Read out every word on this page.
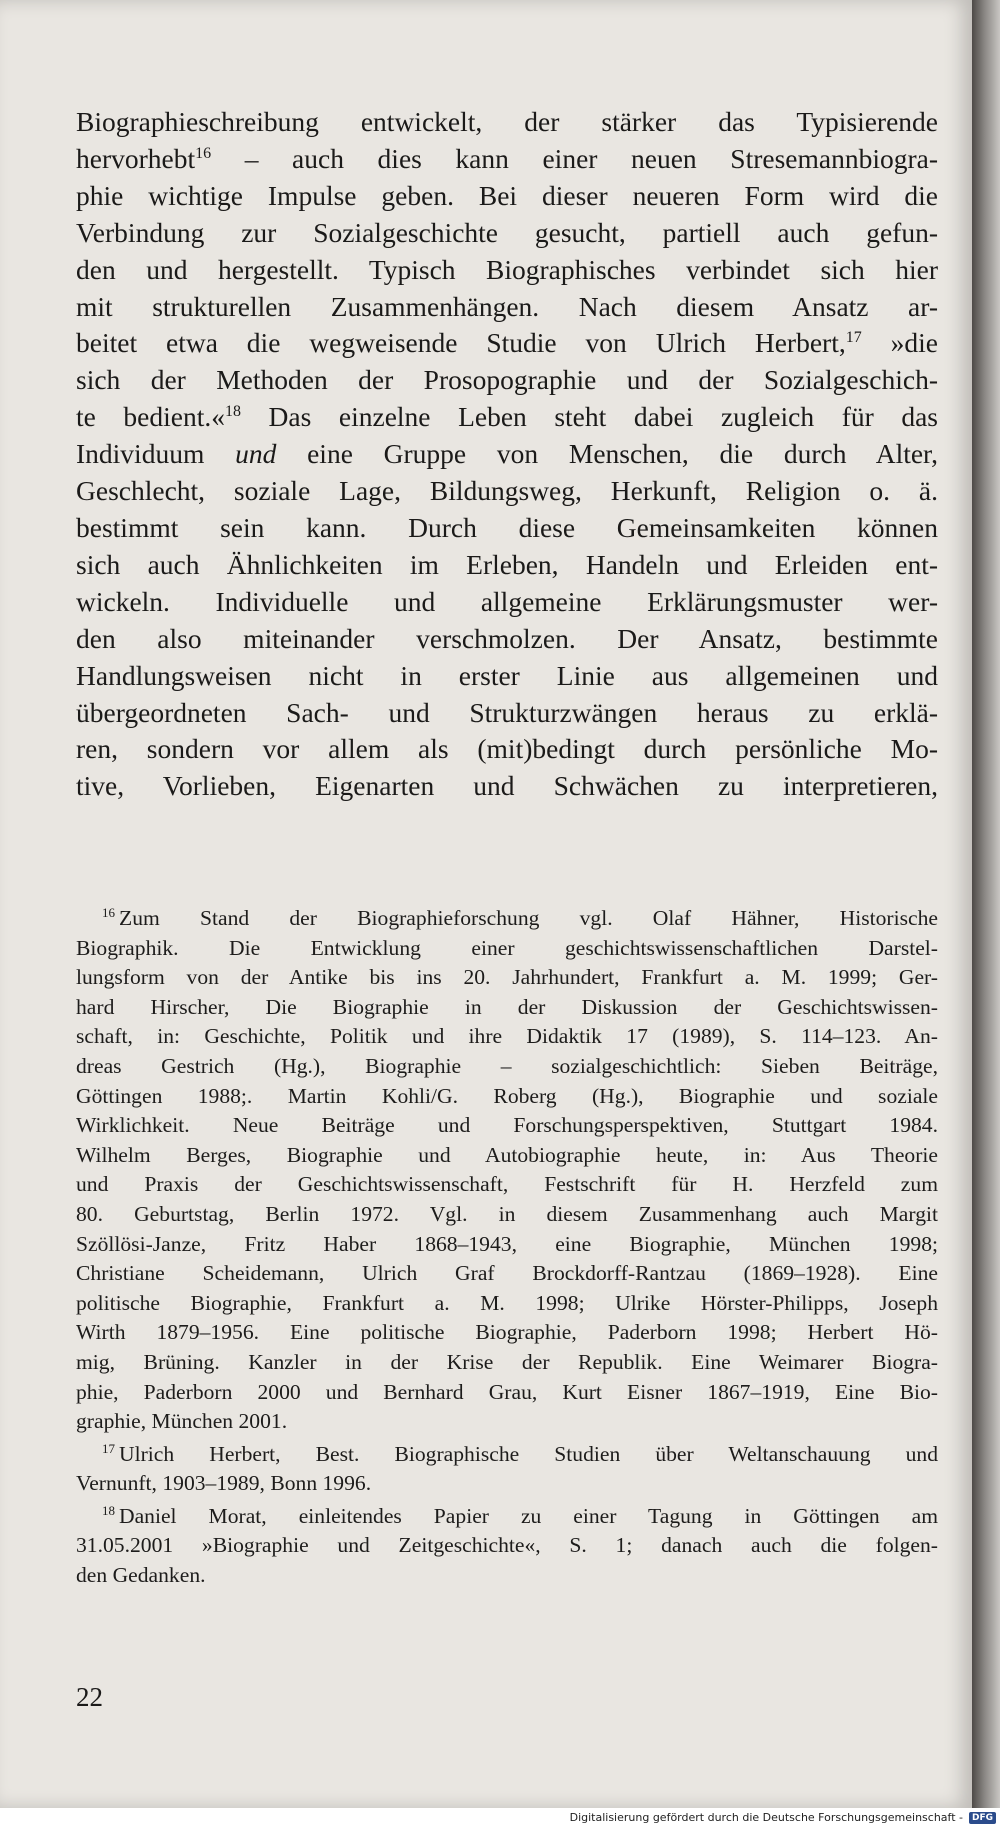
Biographieschreibung entwickelt, der stärker das Typisierende
hervorhebt$^{16}$ – auch dies kann einer neuen Stresemannbiogra-
phie wichtige Impulse geben. Bei dieser neueren Form wird die
Verbindung zur Sozialgeschichte gesucht, partiell auch gefun-
den und hergestellt. Typisch Biographisches verbindet sich hier
mit strukturellen Zusammenhängen. Nach diesem Ansatz ar-
beitet etwa die wegweisende Studie von Ulrich Herbert,$^{17}$ »die
sich der Methoden der Prosopographie und der Sozialgeschich-
te bedient.«$^{18}$ Das einzelne Leben steht dabei zugleich für das
Individuum und eine Gruppe von Menschen, die durch Alter,
Geschlecht, soziale Lage, Bildungsweg, Herkunft, Religion o. ä.
bestimmt sein kann. Durch diese Gemeinsamkeiten können
sich auch Ähnlichkeiten im Erleben, Handeln und Erleiden ent-
wickeln. Individuelle und allgemeine Erklärungsmuster wer-
den also miteinander verschmolzen. Der Ansatz, bestimmte
Handlungsweisen nicht in erster Linie aus allgemeinen und
übergeordneten Sach- und Strukturzwängen heraus zu erklä-
ren, sondern vor allem als (mit)bedingt durch persönliche Mo-
tive, Vorlieben, Eigenarten und Schwächen zu interpretieren,
$^{16}$ Zum Stand der Biographieforschung vgl. Olaf Hähner, Historische
Biographik. Die Entwicklung einer geschichtswissenschaftlichen Darstel-
lungsform von der Antike bis ins 20. Jahrhundert, Frankfurt a. M. 1999; Ger-
hard Hirscher, Die Biographie in der Diskussion der Geschichtswissen-
schaft, in: Geschichte, Politik und ihre Didaktik 17 (1989), S. 114–123. An-
dreas Gestrich (Hg.), Biographie – sozialgeschichtlich: Sieben Beiträge,
Göttingen 1988;. Martin Kohli/G. Roberg (Hg.), Biographie und soziale
Wirklichkeit. Neue Beiträge und Forschungsperspektiven, Stuttgart 1984.
Wilhelm Berges, Biographie und Autobiographie heute, in: Aus Theorie
und Praxis der Geschichtswissenschaft, Festschrift für H. Herzfeld zum
80. Geburtstag, Berlin 1972. Vgl. in diesem Zusammenhang auch Margit
Szöllösi-Janze, Fritz Haber 1868–1943, eine Biographie, München 1998;
Christiane Scheidemann, Ulrich Graf Brockdorff-Rantzau (1869–1928). Eine
politische Biographie, Frankfurt a. M. 1998; Ulrike Hörster-Philipps, Joseph
Wirth 1879–1956. Eine politische Biographie, Paderborn 1998; Herbert Hö-
mig, Brüning. Kanzler in der Krise der Republik. Eine Weimarer Biogra-
phie, Paderborn 2000 und Bernhard Grau, Kurt Eisner 1867–1919, Eine Bio-
graphie, München 2001.
$^{17}$ Ulrich Herbert, Best. Biographische Studien über Weltanschauung und
Vernunft, 1903–1989, Bonn 1996.
$^{18}$ Daniel Morat, einleitendes Papier zu einer Tagung in Göttingen am
31.05.2001 »Biographie und Zeitgeschichte«, S. 1; danach auch die folgen-
den Gedanken.
22
Digitalisierung gefördert durch die Deutsche Forschungsgemeinschaft - DFG
